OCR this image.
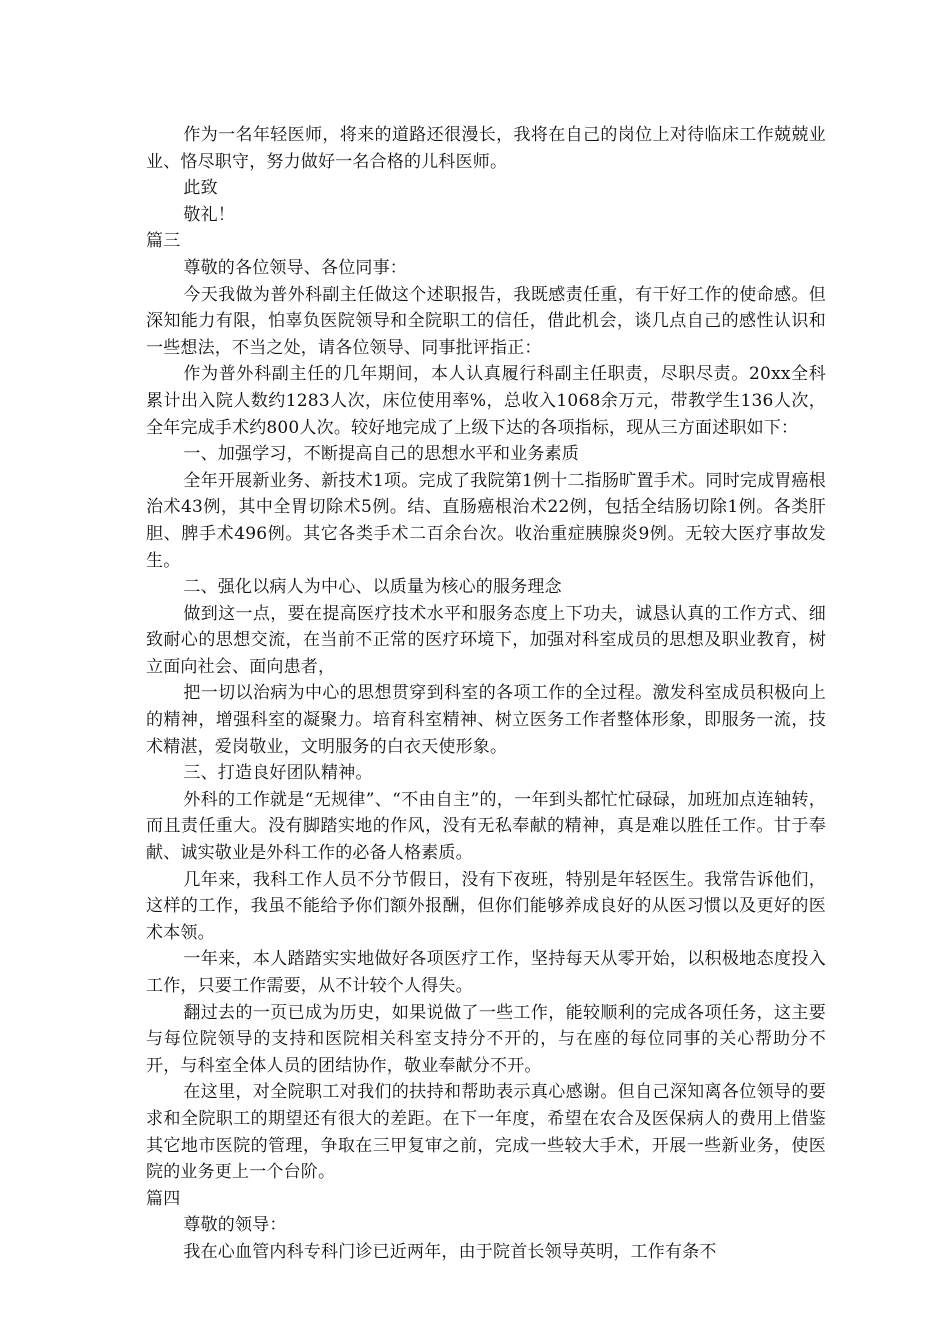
作为一名年轻医师，将来的道路还很漫长，我将在自己的岗位上对待临床工作兢兢业业、恪尽职守，努力做好一名合格的儿科医师。

此致

敬礼！

篇三

尊敬的各位领导、各位同事：

今天我做为普外科副主任做这个述职报告，我既感责任重，有干好工作的使命感。但深知能力有限，怕辜负医院领导和全院职工的信任，借此机会，谈几点自己的感性认识和一些想法，不当之处，请各位领导、同事批评指正：

作为普外科副主任的几年期间，本人认真履行科副主任职责，尽职尽责。20xx全科累计出入院人数约1283人次，床位使用率%，总收入1068余万元，带教学生136人次，全年完成手术约800人次。较好地完成了上级下达的各项指标，现从三方面述职如下：

一、加强学习，不断提高自己的思想水平和业务素质

全年开展新业务、新技术1项。完成了我院第1例十二指肠旷置手术。同时完成胃癌根治术43例，其中全胃切除术5例。结、直肠癌根治术22例，包括全结肠切除1例。各类肝胆、脾手术496例。其它各类手术二百余台次。收治重症胰腺炎9例。无较大医疗事故发生。

二、强化以病人为中心、以质量为核心的服务理念

做到这一点，要在提高医疗技术水平和服务态度上下功夫，诚恳认真的工作方式、细致耐心的思想交流，在当前不正常的医疗环境下，加强对科室成员的思想及职业教育，树立面向社会、面向患者，

把一切以治病为中心的思想贯穿到科室的各项工作的全过程。激发科室成员积极向上的精神，增强科室的凝聚力。培育科室精神、树立医务工作者整体形象，即服务一流，技术精湛，爱岗敬业，文明服务的白衣天使形象。

三、打造良好团队精神。

外科的工作就是“无规律”、“不由自主”的，一年到头都忙忙碌碌，加班加点连轴转，而且责任重大。没有脚踏实地的作风，没有无私奉献的精神，真是难以胜任工作。甘于奉献、诚实敬业是外科工作的必备人格素质。

几年来，我科工作人员不分节假日，没有下夜班，特别是年轻医生。我常告诉他们，这样的工作，我虽不能给予你们额外报酬，但你们能够养成良好的从医习惯以及更好的医术本领。

一年来，本人踏踏实实地做好各项医疗工作，坚持每天从零开始，以积极地态度投入工作，只要工作需要，从不计较个人得失。

翻过去的一页已成为历史，如果说做了一些工作，能较顺利的完成各项任务，这主要与每位院领导的支持和医院相关科室支持分不开的，与在座的每位同事的关心帮助分不开，与科室全体人员的团结协作，敬业奉献分不开。

在这里，对全院职工对我们的扶持和帮助表示真心感谢。但自己深知离各位领导的要求和全院职工的期望还有很大的差距。在下一年度，希望在农合及医保病人的费用上借鉴其它地市医院的管理，争取在三甲复审之前，完成一些较大手术，开展一些新业务，使医院的业务更上一个台阶。

篇四

尊敬的领导：

我在心血管内科专科门诊已近两年，由于院首长领导英明，工作有条不
